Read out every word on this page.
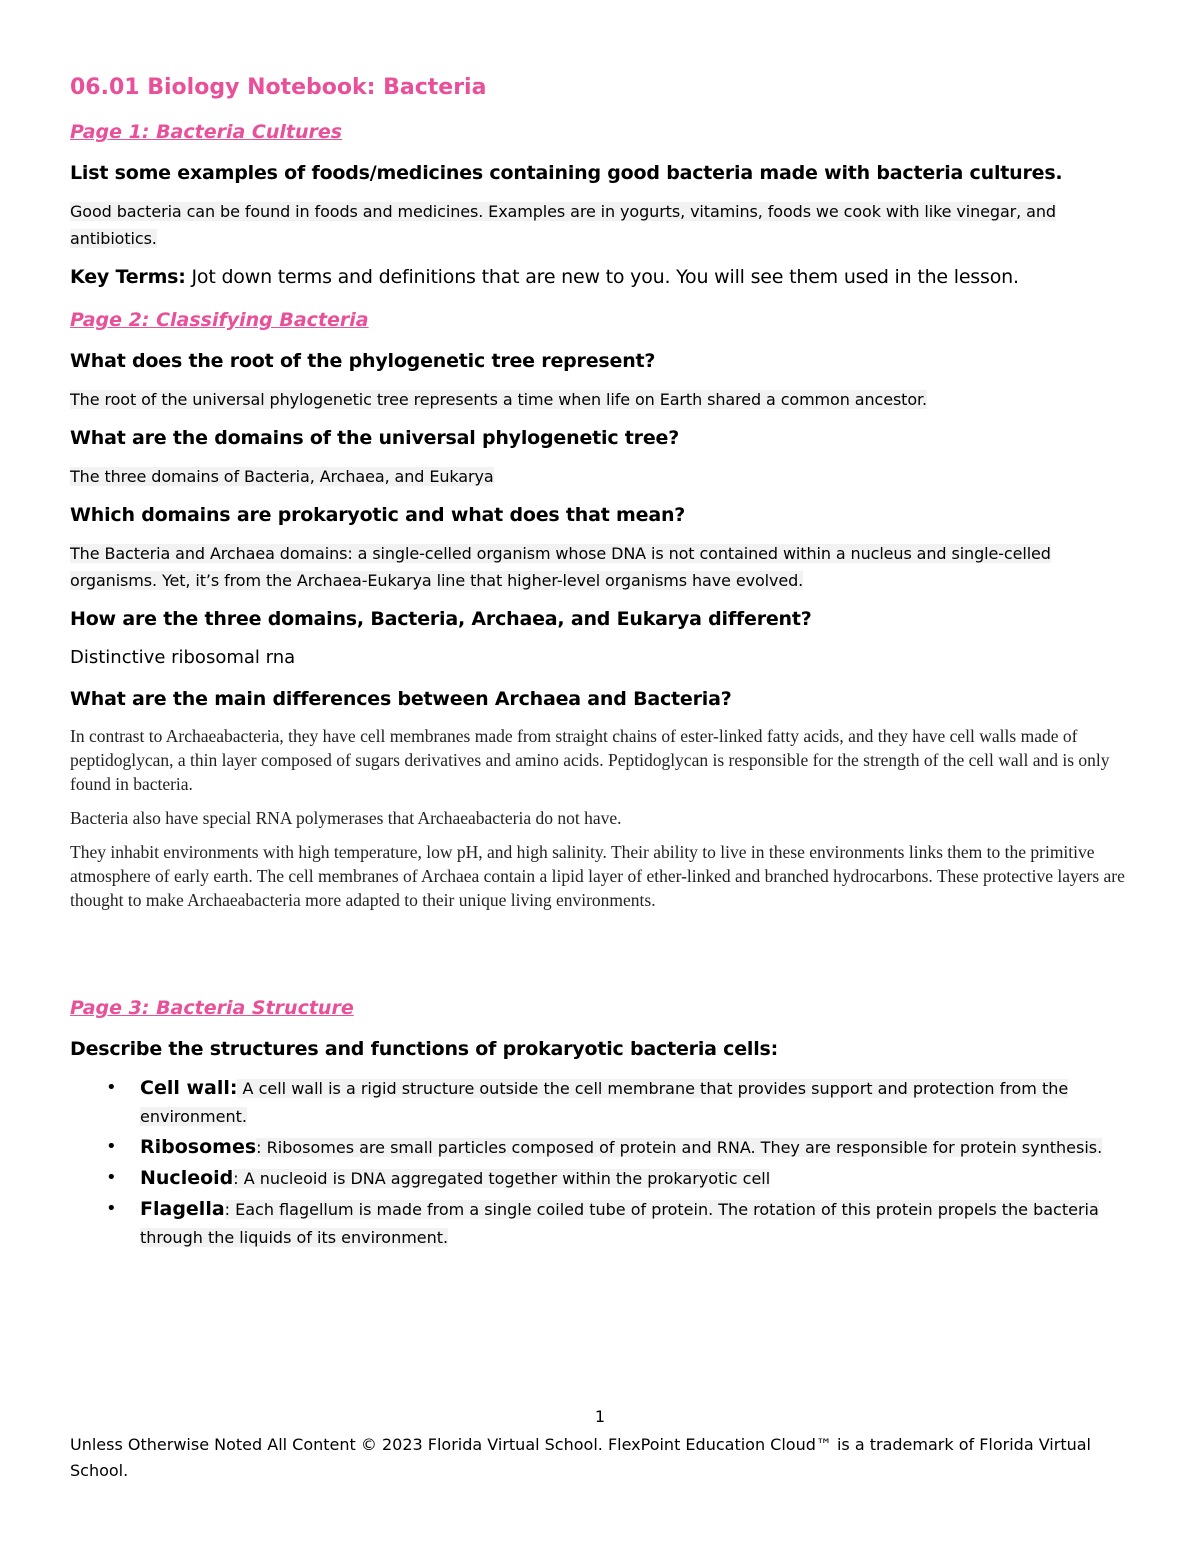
06.01 Biology Notebook: Bacteria
Page 1: Bacteria Cultures
List some examples of foods/medicines containing good bacteria made with bacteria cultures.
Good bacteria can be found in foods and medicines. Examples are in yogurts, vitamins, foods we cook with like vinegar, and antibiotics.
Key Terms: Jot down terms and definitions that are new to you. You will see them used in the lesson.
Page 2: Classifying Bacteria
What does the root of the phylogenetic tree represent?
The root of the universal phylogenetic tree represents a time when life on Earth shared a common ancestor.
What are the domains of the universal phylogenetic tree?
The three domains of Bacteria, Archaea, and Eukarya
Which domains are prokaryotic and what does that mean?
The Bacteria and Archaea domains: a single-celled organism whose DNA is not contained within a nucleus and single-celled organisms. Yet, it’s from the Archaea-Eukarya line that higher-level organisms have evolved.
How are the three domains, Bacteria, Archaea, and Eukarya different?
Distinctive ribosomal rna
What are the main differences between Archaea and Bacteria?
In contrast to Archaeabacteria, they have cell membranes made from straight chains of ester-linked fatty acids, and they have cell walls made of peptidoglycan, a thin layer composed of sugars derivatives and amino acids. Peptidoglycan is responsible for the strength of the cell wall and is only found in bacteria.
Bacteria also have special RNA polymerases that Archaeabacteria do not have.
They inhabit environments with high temperature, low pH, and high salinity. Their ability to live in these environments links them to the primitive atmosphere of early earth. The cell membranes of Archaea contain a lipid layer of ether-linked and branched hydrocarbons. These protective layers are thought to make Archaeabacteria more adapted to their unique living environments.
Page 3: Bacteria Structure
Describe the structures and functions of prokaryotic bacteria cells:
• Cell wall: A cell wall is a rigid structure outside the cell membrane that provides support and protection from the environment.
• Ribosomes: Ribosomes are small particles composed of protein and RNA. They are responsible for protein synthesis.
• Nucleoid: A nucleoid is DNA aggregated together within the prokaryotic cell
• Flagella: Each flagellum is made from a single coiled tube of protein. The rotation of this protein propels the bacteria through the liquids of its environment.
1
Unless Otherwise Noted All Content © 2023 Florida Virtual School. FlexPoint Education Cloud™ is a trademark of Florida Virtual School.
